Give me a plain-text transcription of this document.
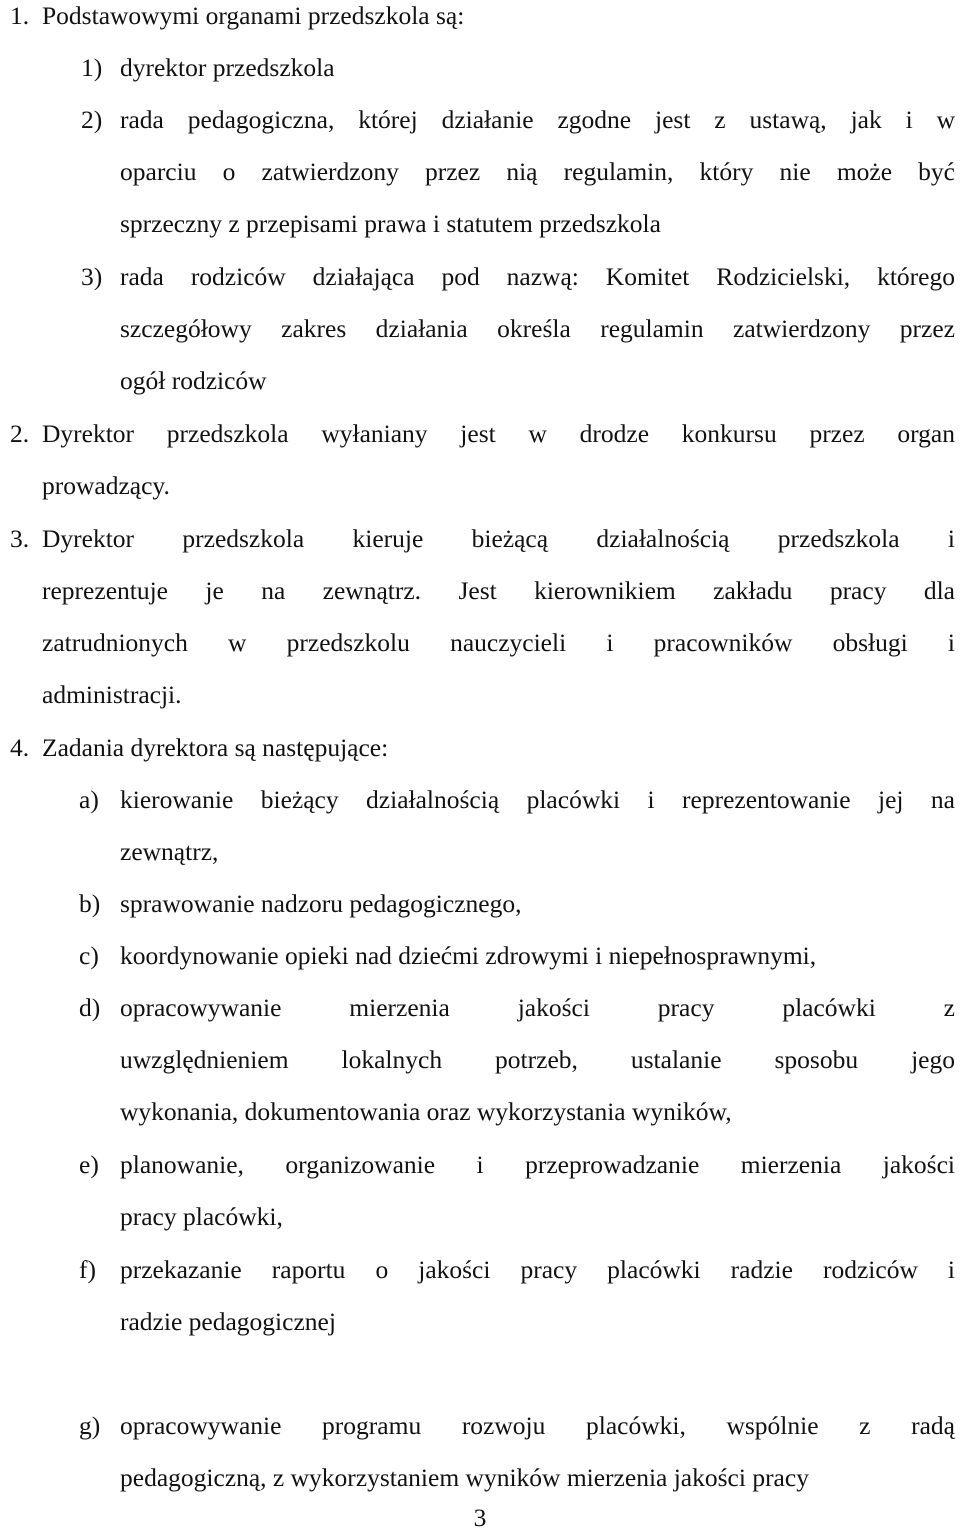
1. Podstawowymi organami przedszkola są:
1) dyrektor przedszkola
2) rada pedagogiczna, której działanie zgodne jest z ustawą, jak i w
oparciu o zatwierdzony przez nią regulamin, który nie może być
sprzeczny z przepisami prawa i statutem przedszkola
3) rada rodziców działająca pod nazwą: Komitet Rodzicielski, którego
szczegółowy zakres działania określa regulamin zatwierdzony przez
ogół rodziców
2. Dyrektor przedszkola wyłaniany jest w drodze konkursu przez organ
prowadzący.
3. Dyrektor przedszkola kieruje bieżącą działalnością przedszkola i
reprezentuje je na zewnątrz. Jest kierownikiem zakładu pracy dla
zatrudnionych w przedszkolu nauczycieli i pracowników obsługi i
administracji.
4. Zadania dyrektora są następujące:
a) kierowanie bieżący działalnością placówki i reprezentowanie jej na
zewnątrz,
b) sprawowanie nadzoru pedagogicznego,
c) koordynowanie opieki nad dziećmi zdrowymi i niepełnosprawnymi,
d) opracowywanie mierzenia jakości pracy placówki z
uwzględnieniem lokalnych potrzeb, ustalanie sposobu jego
wykonania, dokumentowania oraz wykorzystania wyników,
e) planowanie, organizowanie i przeprowadzanie mierzenia jakości
pracy placówki,
f) przekazanie raportu o jakości pracy placówki radzie rodziców i
radzie pedagogicznej
g) opracowywanie programu rozwoju placówki, wspólnie z radą
pedagogiczną, z wykorzystaniem wyników mierzenia jakości pracy
3
